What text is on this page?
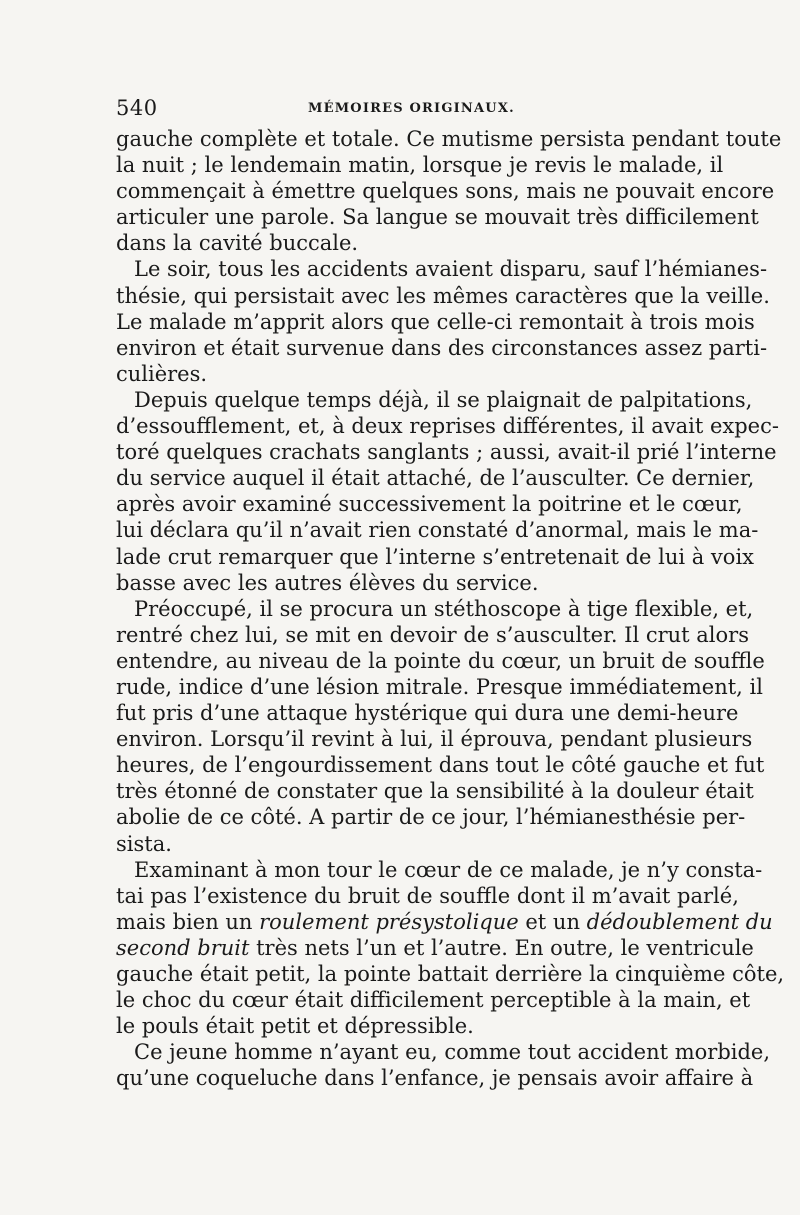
540	MÉMOIRES ORIGINAUX.
gauche complète et totale. Ce mutisme persista pendant toute
la nuit ; le lendemain matin, lorsque je revis le malade, il
commençait à émettre quelques sons, mais ne pouvait encore
articuler une parole. Sa langue se mouvait très difficilement
dans la cavité buccale.
Le soir, tous les accidents avaient disparu, sauf l’hémianes-
thésie, qui persistait avec les mêmes caractères que la veille.
Le malade m’apprit alors que celle-ci remontait à trois mois
environ et était survenue dans des circonstances assez parti-
culières.
Depuis quelque temps déjà, il se plaignait de palpitations,
d’essoufflement, et, à deux reprises différentes, il avait expec-
toré quelques crachats sanglants ; aussi, avait-il prié l’interne
du service auquel il était attaché, de l’ausculter. Ce dernier,
après avoir examiné successivement la poitrine et le cœur,
lui déclara qu’il n’avait rien constaté d’anormal, mais le ma-
lade crut remarquer que l’interne s’entretenait de lui à voix
basse avec les autres élèves du service.
Préoccupé, il se procura un stéthoscope à tige flexible, et,
rentré chez lui, se mit en devoir de s’ausculter. Il crut alors
entendre, au niveau de la pointe du cœur, un bruit de souffle
rude, indice d’une lésion mitrale. Presque immédiatement, il
fut pris d’une attaque hystérique qui dura une demi-heure
environ. Lorsqu’il revint à lui, il éprouva, pendant plusieurs
heures, de l’engourdissement dans tout le côté gauche et fut
très étonné de constater que la sensibilité à la douleur était
abolie de ce côté. A partir de ce jour, l’hémianesthésie per-
sista.
Examinant à mon tour le cœur de ce malade, je n’y consta-
tai pas l’existence du bruit de souffle dont il m’avait parlé,
mais bien un roulement présystolique et un dédoublement du
second bruit très nets l’un et l’autre. En outre, le ventricule
gauche était petit, la pointe battait derrière la cinquième côte,
le choc du cœur était difficilement perceptible à la main, et
le pouls était petit et dépressible.
Ce jeune homme n’ayant eu, comme tout accident morbide,
qu’une coqueluche dans l’enfance, je pensais avoir affaire à
